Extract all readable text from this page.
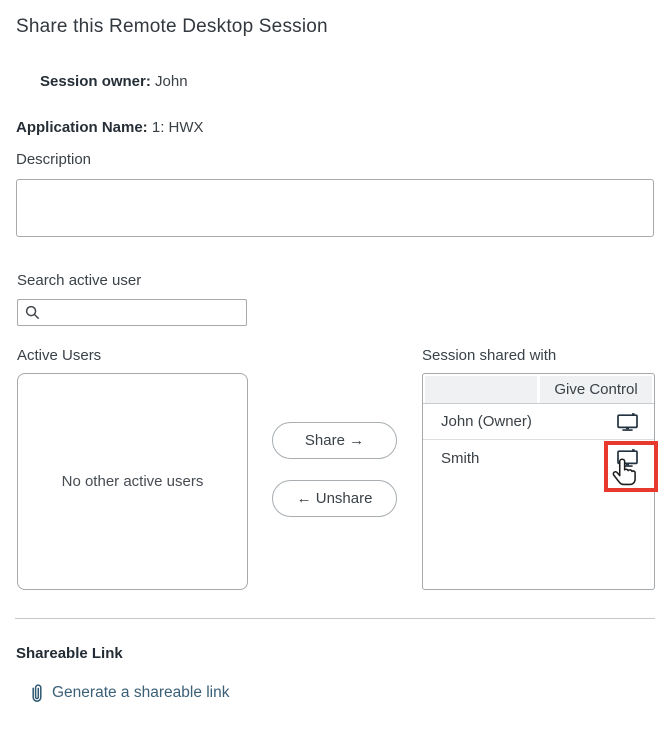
Share this Remote Desktop Session
Session owner: John
Application Name: 1: HWX
Description
Search active user
Active Users
No other active users
Share →
← Unshare
Session shared with
Give Control
John (Owner)
Smith
Shareable Link
Generate a shareable link
